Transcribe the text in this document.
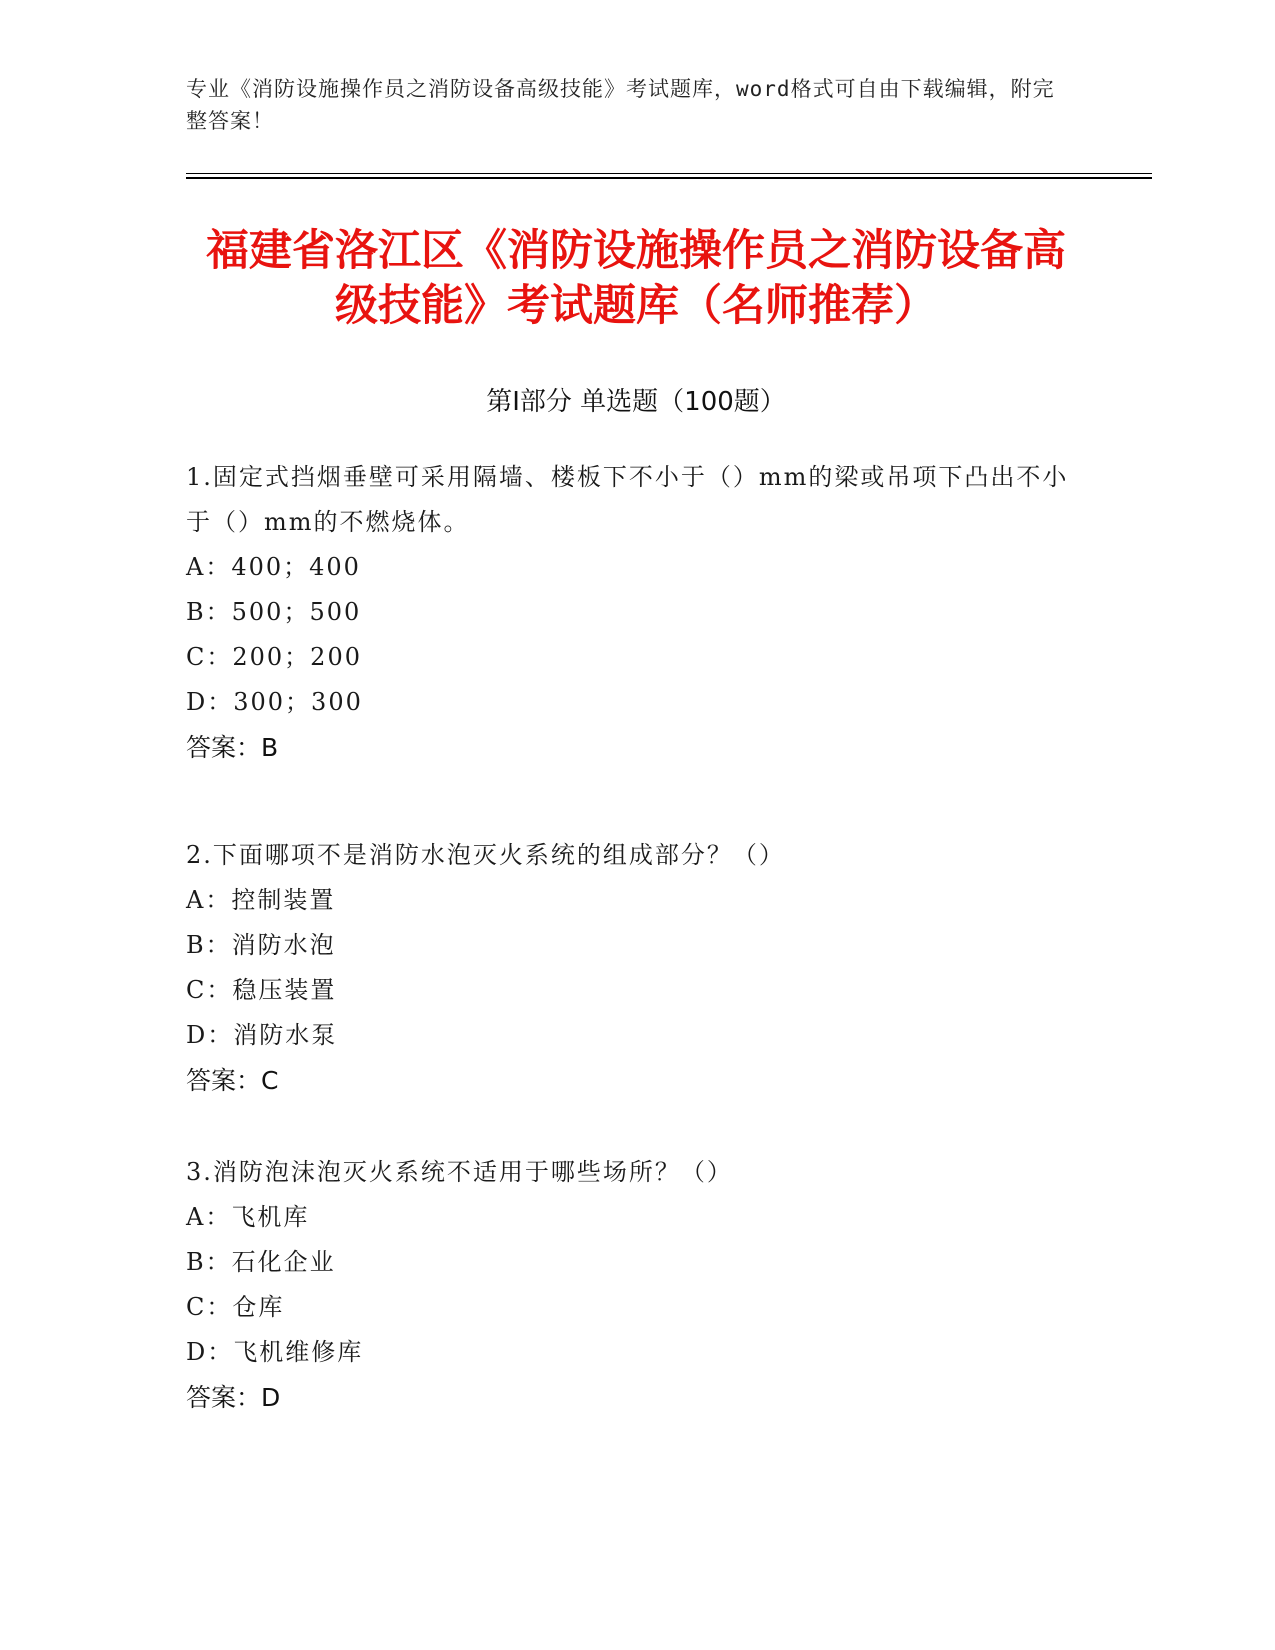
专业《消防设施操作员之消防设备高级技能》考试题库，word格式可自由下载编辑，附完整答案！
福建省洛江区《消防设施操作员之消防设备高级技能》考试题库（名师推荐）
第I部分 单选题（100题）
1.固定式挡烟垂壁可采用隔墙、楼板下不小于（）mm的梁或吊项下凸出不小于（）mm的不燃烧体。
A：400；400
B：500；500
C：200；200
D：300；300
答案：B
2.下面哪项不是消防水泡灭火系统的组成部分？（）
A：控制装置
B：消防水泡
C：稳压装置
D：消防水泵
答案：C
3.消防泡沫泡灭火系统不适用于哪些场所？（）
A：飞机库
B：石化企业
C：仓库
D：飞机维修库
答案：D
